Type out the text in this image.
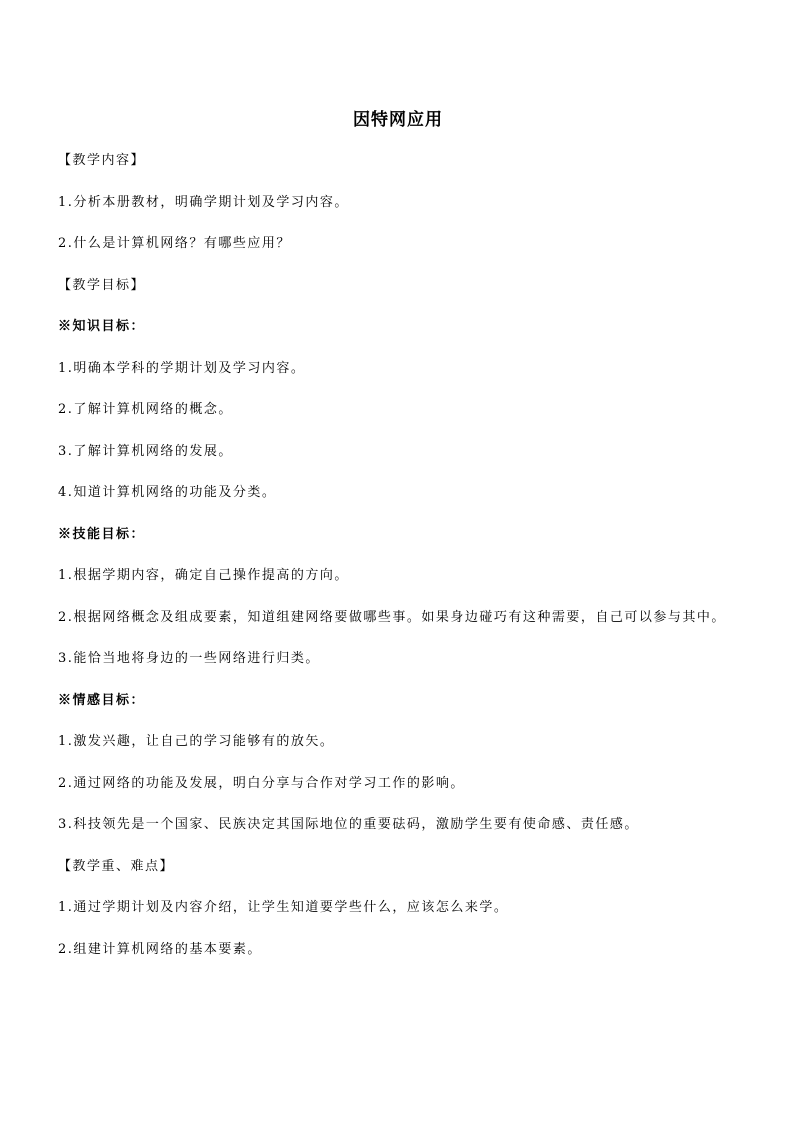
因特网应用

【教学内容】

1.分析本册教材，明确学期计划及学习内容。

2.什么是计算机网络？有哪些应用？

【教学目标】

※知识目标：

1.明确本学科的学期计划及学习内容。

2.了解计算机网络的概念。

3.了解计算机网络的发展。

4.知道计算机网络的功能及分类。

※技能目标：

1.根据学期内容，确定自己操作提高的方向。

2.根据网络概念及组成要素，知道组建网络要做哪些事。如果身边碰巧有这种需要，自己可以参与其中。

3.能恰当地将身边的一些网络进行归类。

※情感目标：

1.激发兴趣，让自己的学习能够有的放矢。

2.通过网络的功能及发展，明白分享与合作对学习工作的影响。

3.科技领先是一个国家、民族决定其国际地位的重要砝码，激励学生要有使命感、责任感。

【教学重、难点】

1.通过学期计划及内容介绍，让学生知道要学些什么，应该怎么来学。

2.组建计算机网络的基本要素。
